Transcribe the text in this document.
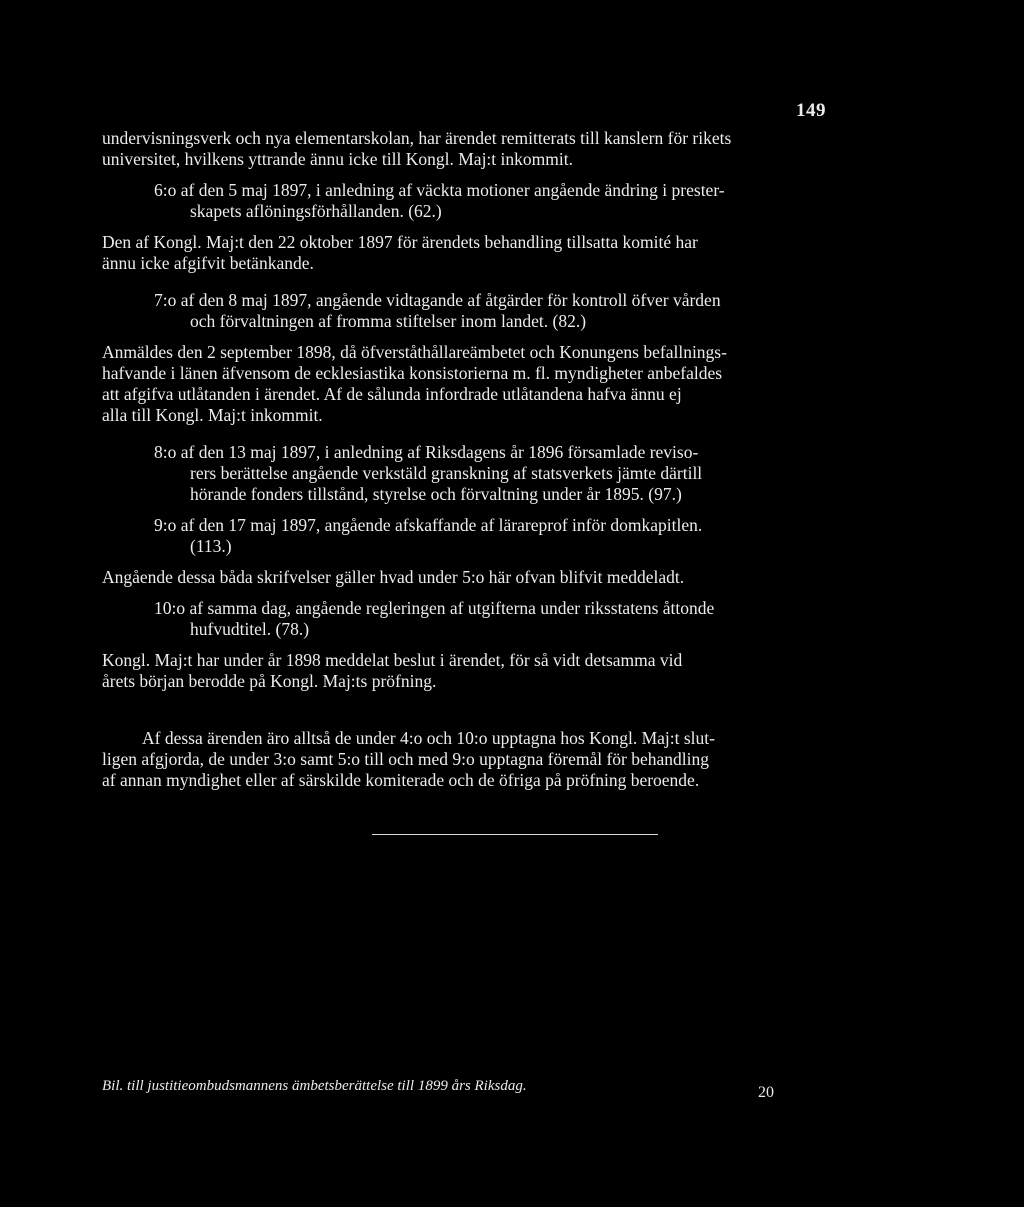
149
undervisningsverk och nya elementarskolan, har ärendet remitterats till kanslern för rikets
universitet, hvilkens yttrande ännu icke till Kongl. Maj:t inkommit.
6:o af den 5 maj 1897, i anledning af väckta motioner angående ändring i prester-
skapets aflöningsförhållanden. (62.)
Den af Kongl. Maj:t den 22 oktober 1897 för ärendets behandling tillsatta komité har
ännu icke afgifvit betänkande.
7:o af den 8 maj 1897, angående vidtagande af åtgärder för kontroll öfver vården
och förvaltningen af fromma stiftelser inom landet. (82.)
Anmäldes den 2 september 1898, då öfverståthållareämbetet och Konungens befallnings-
hafvande i länen äfvensom de ecklesiastika konsistorierna m. fl. myndigheter anbefaldes
att afgifva utlåtanden i ärendet. Af de sålunda infordrade utlåtandena hafva ännu ej
alla till Kongl. Maj:t inkommit.
8:o af den 13 maj 1897, i anledning af Riksdagens år 1896 församlade reviso-
rers berättelse angående verkstäld granskning af statsverkets jämte därtill
hörande fonders tillstånd, styrelse och förvaltning under år 1895. (97.)
9:o af den 17 maj 1897, angående afskaffande af lärareprof inför domkapitlen.
(113.)
Angående dessa båda skrifvelser gäller hvad under 5:o här ofvan blifvit meddeladt.
10:o af samma dag, angående regleringen af utgifterna under riksstatens åttonde
hufvudtitel. (78.)
Kongl. Maj:t har under år 1898 meddelat beslut i ärendet, för så vidt detsamma vid
årets början berodde på Kongl. Maj:ts pröfning.
Af dessa ärenden äro alltså de under 4:o och 10:o upptagna hos Kongl. Maj:t slut-
ligen afgjorda, de under 3:o samt 5:o till och med 9:o upptagna föremål för behandling
af annan myndighet eller af särskilde komiterade och de öfriga på pröfning beroende.
Bil. till justitieombudsmannens ämbetsberättelse till 1899 års Riksdag.	20
